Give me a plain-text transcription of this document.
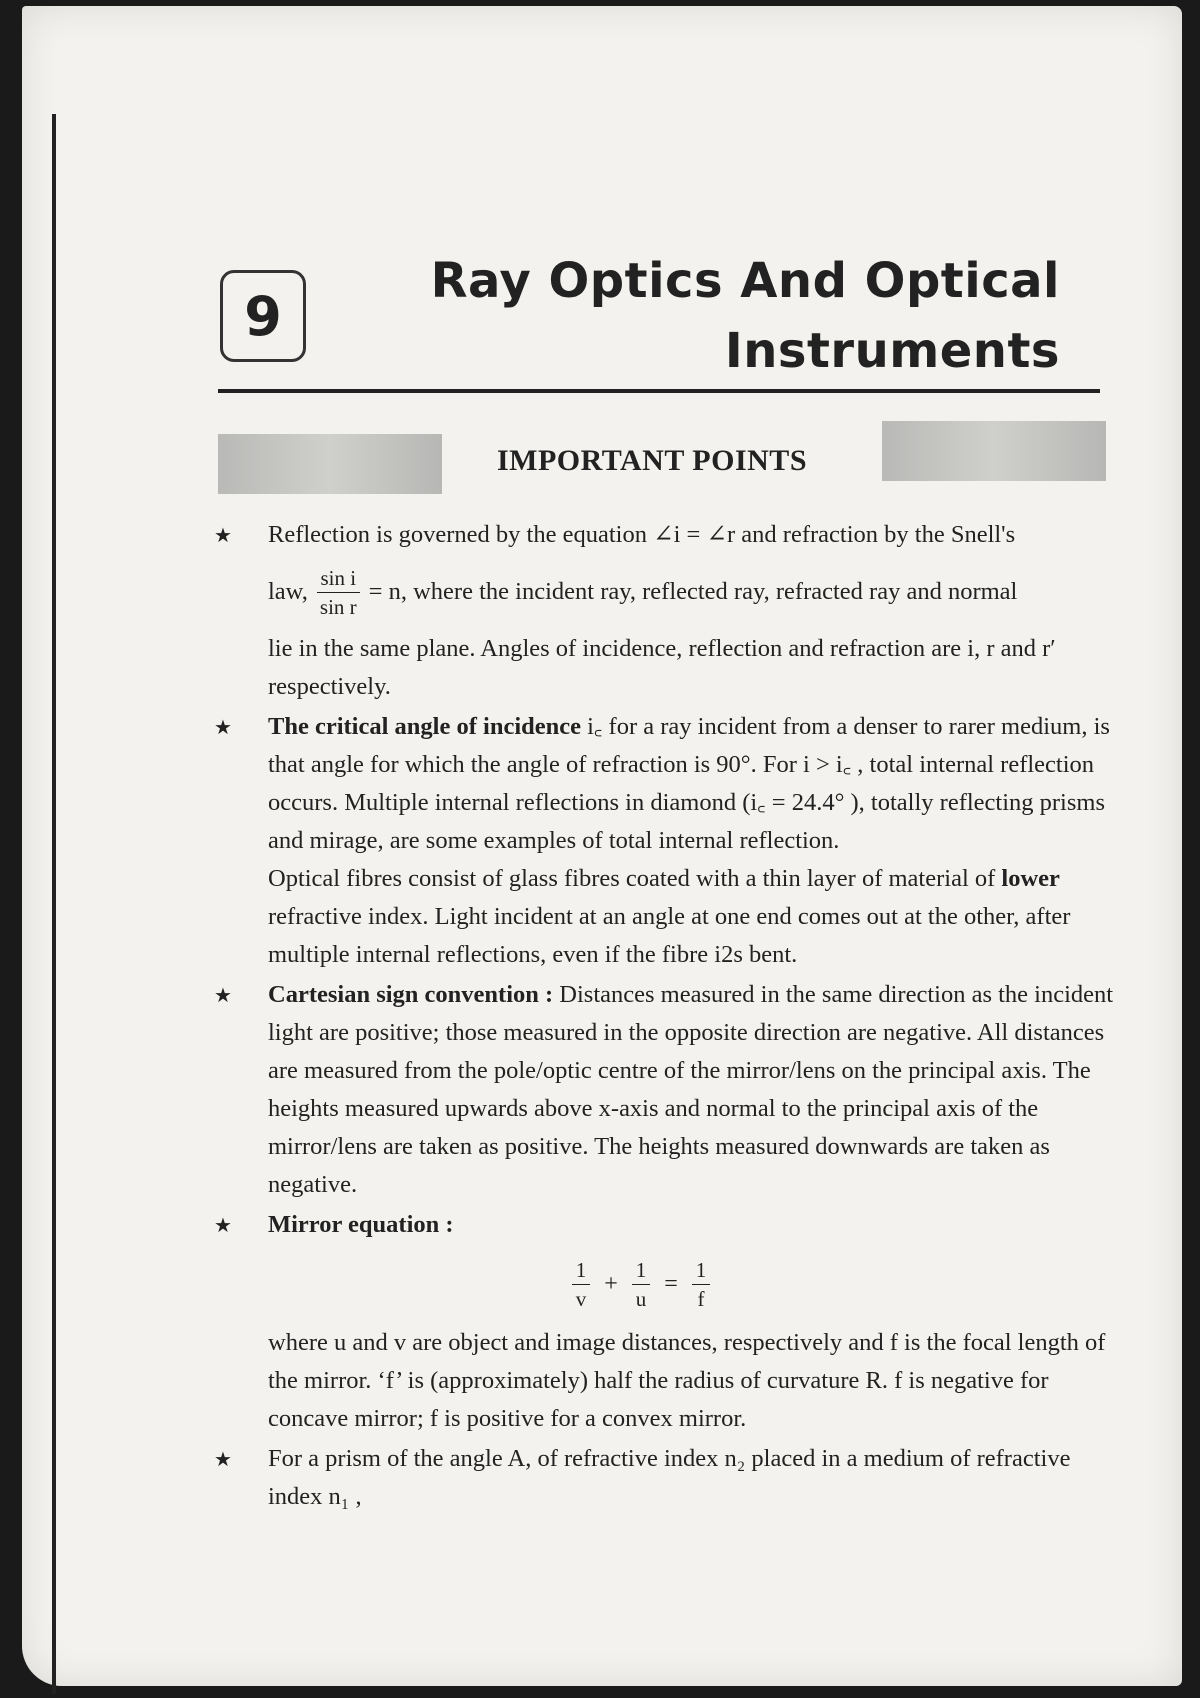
9
Ray Optics And Optical
Instruments
IMPORTANT POINTS
★ Reflection is governed by the equation ∠i = ∠r and refraction by the Snell's
law, $\frac{\text{sin i}}{\text{sin r}} = n$, where the incident ray, reflected ray, refracted ray and normal
lie in the same plane. Angles of incidence, reflection and refraction are i, r and r′ respectively.
★ The critical angle of incidence i꜀ for a ray incident from a denser to rarer medium, is that angle for which the angle of refraction is 90°. For i > i꜀ , total internal reflection occurs. Multiple internal reflections in diamond (i꜀ = 24.4° ), totally reflecting prisms and mirage, are some examples of total internal reflection.
Optical fibres consist of glass fibres coated with a thin layer of material of lower refractive index. Light incident at an angle at one end comes out at the other, after multiple internal reflections, even if the fibre i2s bent.
★ Cartesian sign convention : Distances measured in the same direction as the incident light are positive; those measured in the opposite direction are negative. All distances are measured from the pole/optic centre of the mirror/lens on the principal axis. The heights measured upwards above x-axis and normal to the principal axis of the mirror/lens are taken as positive. The heights measured downwards are taken as negative.
★ Mirror equation :
$\frac{1}{v} + \frac{1}{u} = \frac{1}{f}$
where u and v are object and image distances, respectively and f is the focal length of the mirror. ‘f’ is (approximately) half the radius of curvature R. f is negative for concave mirror; f is positive for a convex mirror.
★ For a prism of the angle A, of refractive index n₂ placed in a medium of refractive index n₁ ,
